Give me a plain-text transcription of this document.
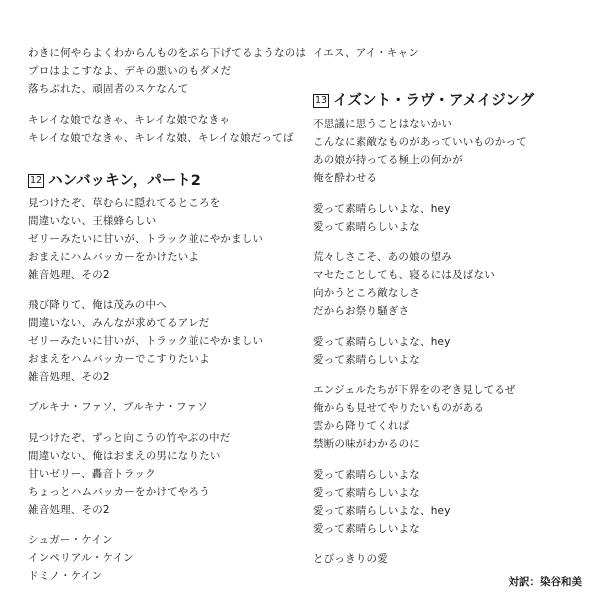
わきに何やらよくわからんものをぶら下げてるようなのは
プロはよこすなよ、デキの悪いのもダメだ
落ちぶれた、頑固者のスケなんて
キレイな娘でなきゃ、キレイな娘でなきゃ
キレイな娘でなきゃ、キレイな娘、キレイな娘だってば
12 ハンバッキン，パート2
見つけたぞ、草むらに隠れてるところを
間違いない、王様蜂らしい
ゼリーみたいに甘いが、トラック並にやかましい
おまえにハムバッカーをかけたいよ
雑音処理、その2
飛び降りて、俺は茂みの中へ
間違いない、みんなが求めてるアレだ
ゼリーみたいに甘いが、トラック並にやかましい
おまえをハムバッカーでこすりたいよ
雑音処理、その2
ブルキナ・ファソ、ブルキナ・ファソ
見つけたぞ、ずっと向こうの竹やぶの中だ
間違いない、俺はおまえの男になりたい
甘いゼリー、轟音トラック
ちょっとハムバッカーをかけてやろう
雑音処理、その2
シュガー・ケイン
インペリアル・ケイン
ドミノ・ケイン
イエス、アイ・キャン
13 イズント・ラヴ・アメイジング
不思議に思うことはないかい
こんなに素敵なものがあっていいものかって
あの娘が持ってる極上の何かが
俺を酔わせる
愛って素晴らしいよな、hey
愛って素晴らしいよな
荒々しさこそ、あの娘の望み
マセたことしても、寝るには及ばない
向かうところ敵なしさ
だからお祭り騒ぎさ
愛って素晴らしいよな、hey
愛って素晴らしいよな
エンジェルたちが下界をのぞき見してるぜ
俺からも見せてやりたいものがある
雲から降りてくれば
禁断の味がわかるのに
愛って素晴らしいよな
愛って素晴らしいよな
愛って素晴らしいよな、hey
愛って素晴らしいよな
とびっきりの愛
対訳：染谷和美
